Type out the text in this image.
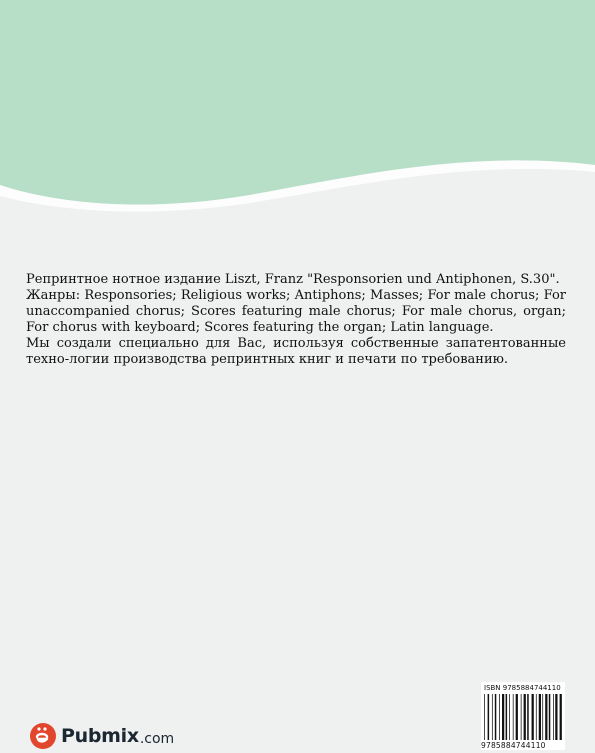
Репринтное нотное издание Liszt, Franz "Responsorien und Antiphonen, S.30".

Жанры: Responsories; Religious works; Antiphons; Masses; For male chorus; For unaccompanied chorus; Scores featuring male chorus; For male chorus, organ; For chorus with keyboard; Scores featuring the organ; Latin language.

Мы создали специально для Вас, используя собственные запатентованные техно-логии производства репринтных книг и печати по требованию.

Pubmix .com
ISBN 9785884744110
9785884744110
